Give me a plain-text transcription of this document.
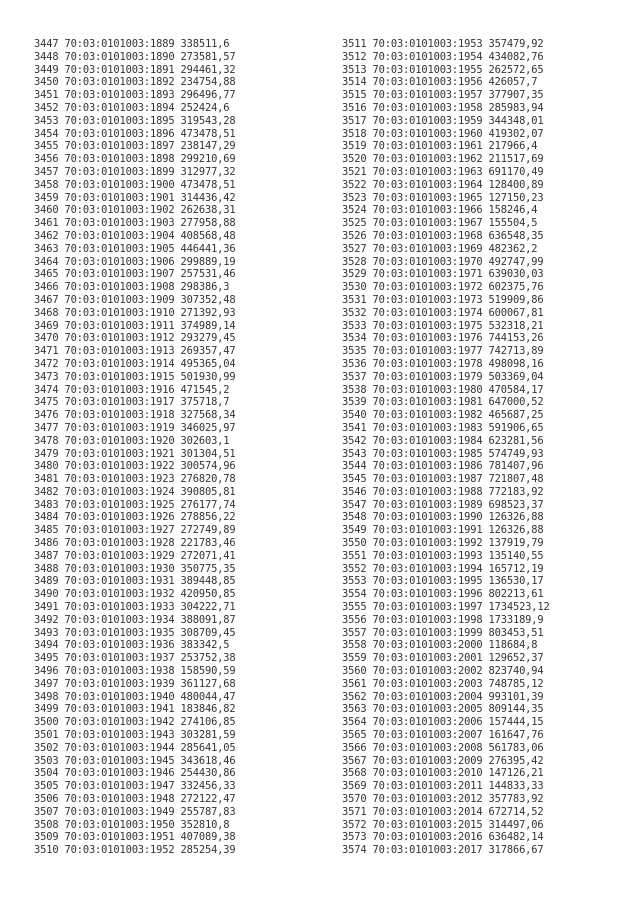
3447 70:03:0101003:1889 338511,6
3448 70:03:0101003:1890 273581,57
3449 70:03:0101003:1891 294461,32
3450 70:03:0101003:1892 234754,88
3451 70:03:0101003:1893 296496,77
3452 70:03:0101003:1894 252424,6
3453 70:03:0101003:1895 319543,28
3454 70:03:0101003:1896 473478,51
3455 70:03:0101003:1897 238147,29
3456 70:03:0101003:1898 299210,69
3457 70:03:0101003:1899 312977,32
3458 70:03:0101003:1900 473478,51
3459 70:03:0101003:1901 314436,42
3460 70:03:0101003:1902 262638,31
3461 70:03:0101003:1903 277958,88
3462 70:03:0101003:1904 408568,48
3463 70:03:0101003:1905 446441,36
3464 70:03:0101003:1906 299889,19
3465 70:03:0101003:1907 257531,46
3466 70:03:0101003:1908 298386,3
3467 70:03:0101003:1909 307352,48
3468 70:03:0101003:1910 271392,93
3469 70:03:0101003:1911 374989,14
3470 70:03:0101003:1912 293279,45
3471 70:03:0101003:1913 269357,47
3472 70:03:0101003:1914 495365,04
3473 70:03:0101003:1915 501930,99
3474 70:03:0101003:1916 471545,2
3475 70:03:0101003:1917 375718,7
3476 70:03:0101003:1918 327568,34
3477 70:03:0101003:1919 346025,97
3478 70:03:0101003:1920 302603,1
3479 70:03:0101003:1921 301304,51
3480 70:03:0101003:1922 300574,96
3481 70:03:0101003:1923 276820,78
3482 70:03:0101003:1924 390805,81
3483 70:03:0101003:1925 276177,74
3484 70:03:0101003:1926 278856,22
3485 70:03:0101003:1927 272749,89
3486 70:03:0101003:1928 221783,46
3487 70:03:0101003:1929 272071,41
3488 70:03:0101003:1930 350775,35
3489 70:03:0101003:1931 389448,85
3490 70:03:0101003:1932 420950,85
3491 70:03:0101003:1933 304222,71
3492 70:03:0101003:1934 388091,87
3493 70:03:0101003:1935 308709,45
3494 70:03:0101003:1936 383342,5
3495 70:03:0101003:1937 253752,38
3496 70:03:0101003:1938 158590,59
3497 70:03:0101003:1939 361127,68
3498 70:03:0101003:1940 480044,47
3499 70:03:0101003:1941 183846,82
3500 70:03:0101003:1942 274106,85
3501 70:03:0101003:1943 303281,59
3502 70:03:0101003:1944 285641,05
3503 70:03:0101003:1945 343618,46
3504 70:03:0101003:1946 254430,86
3505 70:03:0101003:1947 332456,33
3506 70:03:0101003:1948 272122,47
3507 70:03:0101003:1949 255787,83
3508 70:03:0101003:1950 352810,8
3509 70:03:0101003:1951 407089,38
3510 70:03:0101003:1952 285254,39
3511 70:03:0101003:1953 357479,92
3512 70:03:0101003:1954 434082,76
3513 70:03:0101003:1955 262572,65
3514 70:03:0101003:1956 426057,7
3515 70:03:0101003:1957 377907,35
3516 70:03:0101003:1958 285983,94
3517 70:03:0101003:1959 344348,01
3518 70:03:0101003:1960 419302,07
3519 70:03:0101003:1961 217966,4
3520 70:03:0101003:1962 211517,69
3521 70:03:0101003:1963 691170,49
3522 70:03:0101003:1964 128400,89
3523 70:03:0101003:1965 127150,23
3524 70:03:0101003:1966 158246,4
3525 70:03:0101003:1967 155504,5
3526 70:03:0101003:1968 636548,35
3527 70:03:0101003:1969 482362,2
3528 70:03:0101003:1970 492747,99
3529 70:03:0101003:1971 639030,03
3530 70:03:0101003:1972 602375,76
3531 70:03:0101003:1973 519909,86
3532 70:03:0101003:1974 600067,81
3533 70:03:0101003:1975 532318,21
3534 70:03:0101003:1976 744153,26
3535 70:03:0101003:1977 742713,89
3536 70:03:0101003:1978 498098,16
3537 70:03:0101003:1979 503369,04
3538 70:03:0101003:1980 470584,17
3539 70:03:0101003:1981 647000,52
3540 70:03:0101003:1982 465687,25
3541 70:03:0101003:1983 591906,65
3542 70:03:0101003:1984 623281,56
3543 70:03:0101003:1985 574749,93
3544 70:03:0101003:1986 781407,96
3545 70:03:0101003:1987 721807,48
3546 70:03:0101003:1988 772183,92
3547 70:03:0101003:1989 698523,37
3548 70:03:0101003:1990 126326,88
3549 70:03:0101003:1991 126326,88
3550 70:03:0101003:1992 137919,79
3551 70:03:0101003:1993 135140,55
3552 70:03:0101003:1994 165712,19
3553 70:03:0101003:1995 136530,17
3554 70:03:0101003:1996 802213,61
3555 70:03:0101003:1997 1734523,12
3556 70:03:0101003:1998 1733189,9
3557 70:03:0101003:1999 803453,51
3558 70:03:0101003:2000 118684,8
3559 70:03:0101003:2001 129652,37
3560 70:03:0101003:2002 823740,94
3561 70:03:0101003:2003 748785,12
3562 70:03:0101003:2004 993101,39
3563 70:03:0101003:2005 809144,35
3564 70:03:0101003:2006 157444,15
3565 70:03:0101003:2007 161647,76
3566 70:03:0101003:2008 561783,06
3567 70:03:0101003:2009 276395,42
3568 70:03:0101003:2010 147126,21
3569 70:03:0101003:2011 144833,33
3570 70:03:0101003:2012 357783,92
3571 70:03:0101003:2014 672714,52
3572 70:03:0101003:2015 314497,06
3573 70:03:0101003:2016 636482,14
3574 70:03:0101003:2017 317866,67
